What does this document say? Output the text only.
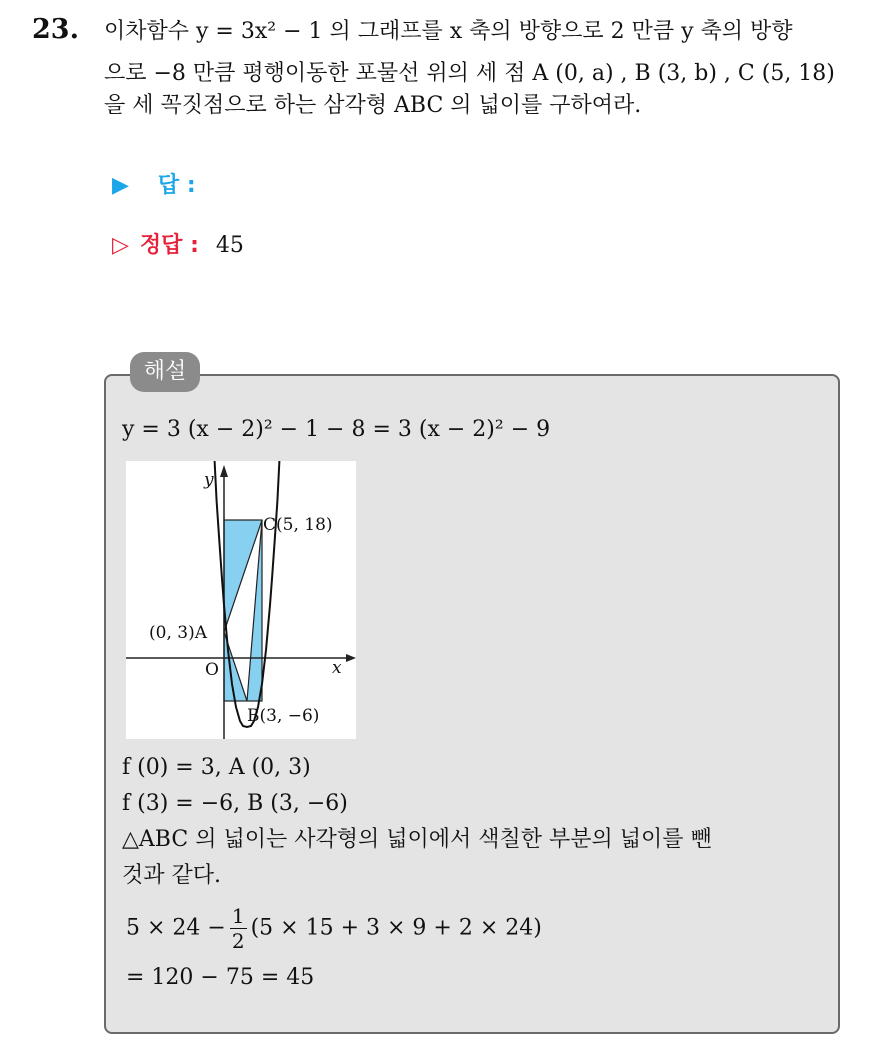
23. 이차함수 y = 3x² − 1 의 그래프를 x 축의 방향으로 2 만큼 y 축의 방향
으로 −8 만큼 평행이동한 포물선 위의 세 점 A (0, a) , B (3, b) , C (5, 18)
을 세 꼭짓점으로 하는 삼각형 ABC 의 넓이를 구하여라.
▶ 답 :
▷ 정답 : 45
해설
y = 3 (x − 2)² − 1 − 8 = 3 (x − 2)² − 9
y
x
O
(0, 3)A
B(3, −6)
C(5, 18)
f (0) = 3, A (0, 3)
f (3) = −6, B (3, −6)
△ABC 의 넓이는 사각형의 넓이에서 색칠한 부분의 넓이를 뺀
것과 같다.
$5 \times 24 - \frac{1}{2} (5 \times 15 + 3 \times 9 + 2 \times 24)$
= 120 − 75 = 45
